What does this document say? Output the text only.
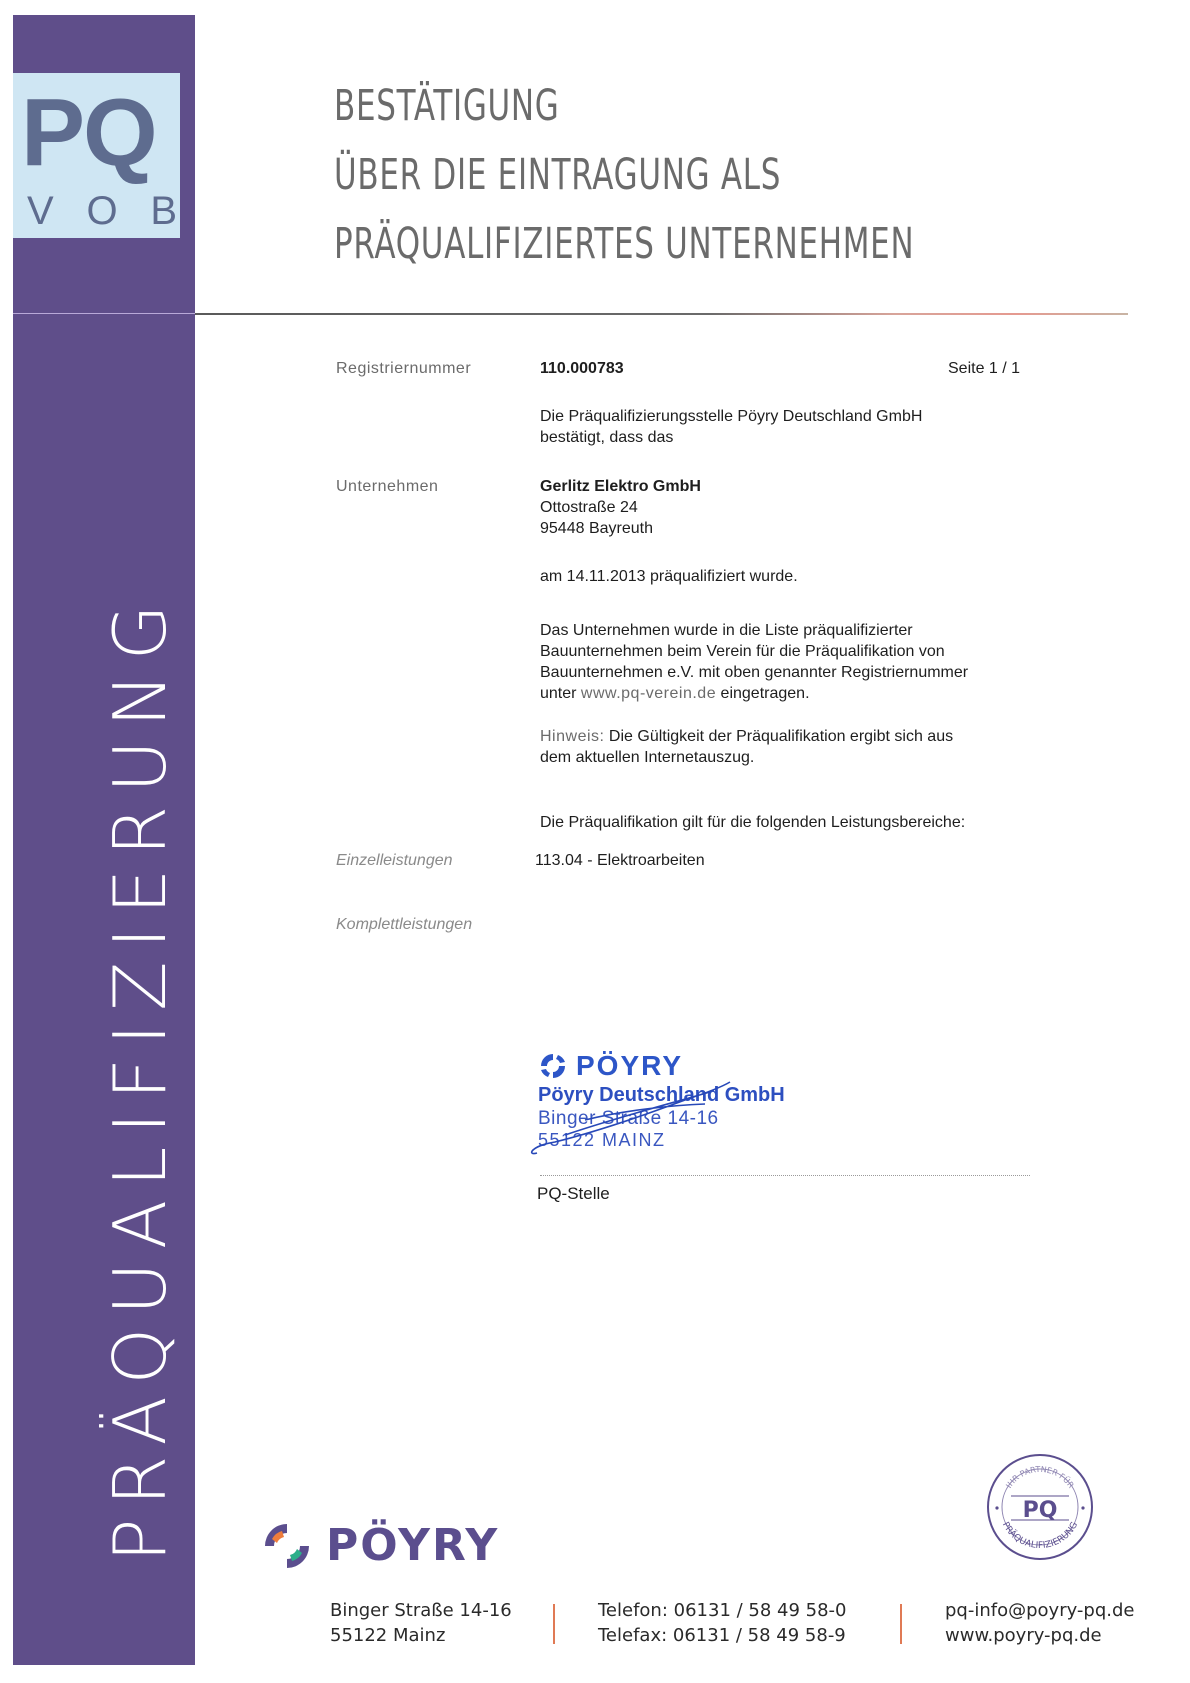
PQ
V O B
PRÄQUALIFIZIERUNG
BESTÄTIGUNG
ÜBER DIE EINTRAGUNG ALS
PRÄQUALIFIZIERTES UNTERNEHMEN
Registriernummer	110.000783	Seite 1 / 1
Die Präqualifizierungsstelle Pöyry Deutschland GmbH
bestätigt, dass das
Unternehmen	Gerlitz Elektro GmbH
Ottostraße 24
95448 Bayreuth
am 14.11.2013 präqualifiziert wurde.
Das Unternehmen wurde in die Liste präqualifizierter
Bauunternehmen beim Verein für die Präqualifikation von
Bauunternehmen e.V. mit oben genannter Registriernummer
unter www.pq-verein.de eingetragen.
Hinweis: Die Gültigkeit der Präqualifikation ergibt sich aus
dem aktuellen Internetauszug.
Die Präqualifikation gilt für die folgenden Leistungsbereiche:
Einzelleistungen	113.04 - Elektroarbeiten
Komplettleistungen
PÖYRY
Pöyry Deutschland GmbH
Binger Straße 14-16
55122 MAINZ
PQ-Stelle
PÖYRY
Binger Straße 14-16
55122 Mainz
Telefon: 06131 / 58 49 58-0
Telefax: 06131 / 58 49 58-9
pq-info@poyry-pq.de
www.poyry-pq.de
IHR PARTNER FÜR
PRÄQUALIFIZIERUNG
PQ
